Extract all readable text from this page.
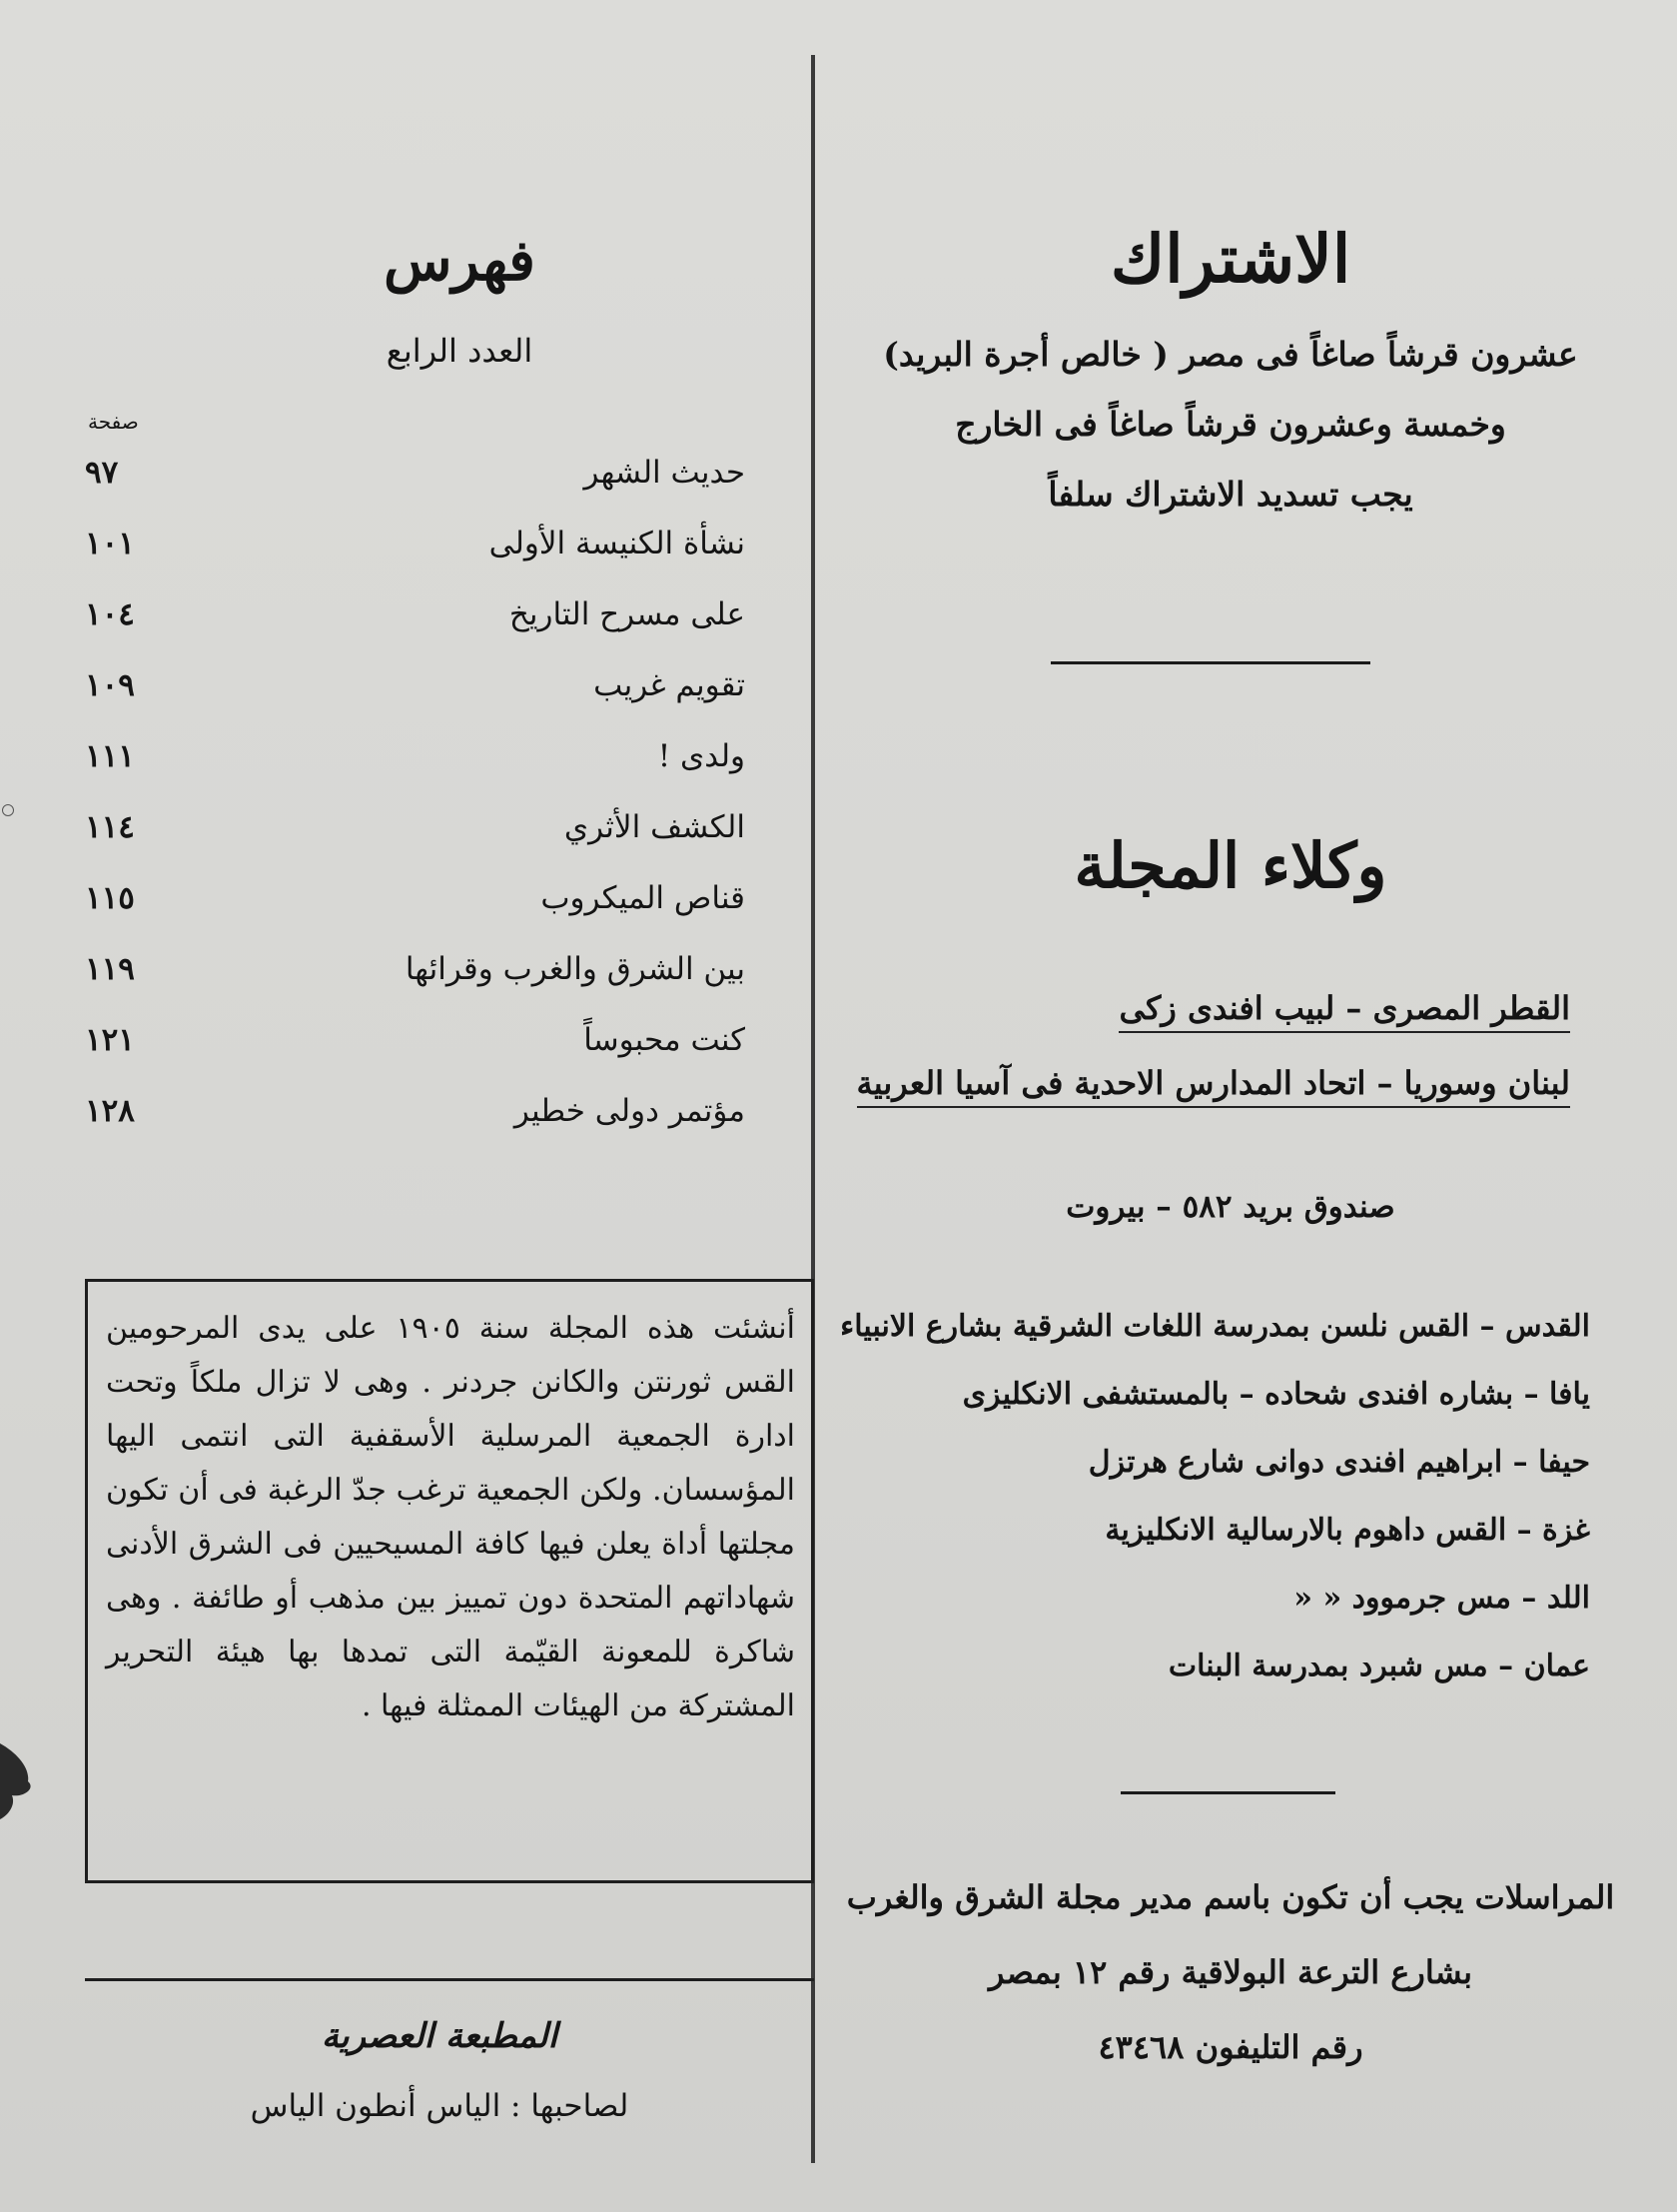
الاشتراك
عشرون قرشاً صاغاً فى مصر ( خالص أجرة البريد)
وخمسة وعشرون قرشاً صاغاً فى الخارج
يجب تسديد الاشتراك سلفاً
وكلاء المجلة
القطر المصرى – لبيب افندى زكى
لبنان وسوريا – اتحاد المدارس الاحدية فى آسيا العربية
صندوق بريد ٥٨٢ – بيروت
القدس – القس نلسن بمدرسة اللغات الشرقية بشارع الانبياء
يافا – بشاره افندى شحاده – بالمستشفى الانكليزى
حيفا – ابراهيم افندى دوانى شارع هرتزل
غزة – القس داهوم بالارسالية الانكليزية
اللد – مس جرموود « «
عمان – مس شبرد بمدرسة البنات
المراسلات يجب أن تكون باسم مدير مجلة الشرق والغرب
بشارع الترعة البولاقية رقم ١٢ بمصر
رقم التليفون ٤٣٤٦٨
فهرس
العدد الرابع
صفحة
حديث الشهر
٩٧
نشأة الكنيسة الأولى
١٠١
على مسرح التاريخ
١٠٤
تقويم غريب
١٠٩
ولدى !
١١١
الكشف الأثري
١١٤
قناص الميكروب
١١٥
بين الشرق والغرب وقرائها
١١٩
كنت محبوساً
١٢١
مؤتمر دولى خطير
١٢٨
أنشئت هذه المجلة سنة ١٩٠٥ على يدى المرحومين القس ثورنتن والكانن جردنر . وهى لا تزال ملكاً وتحت ادارة الجمعية المرسلية الأسقفية التى انتمى اليها المؤسسان. ولكن الجمعية ترغب جدّ الرغبة فى أن تكون مجلتها أداة يعلن فيها كافة المسيحيين فى الشرق الأدنى شهاداتهم المتحدة دون تمييز بين مذهب أو طائفة . وهى شاكرة للمعونة القيّمة التى تمدها بها هيئة التحرير المشتركة من الهيئات الممثلة فيها .
المطبعة العصرية
لصاحبها : الياس أنطون الياس
